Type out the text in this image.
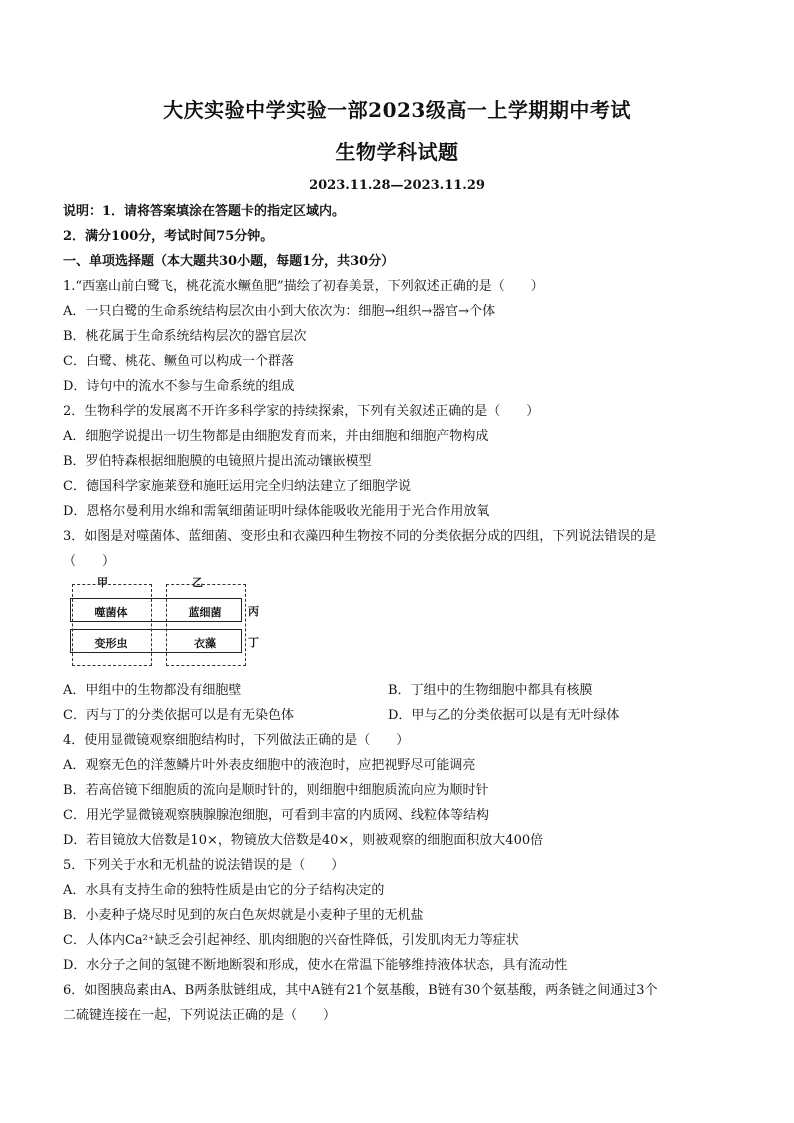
大庆实验中学实验一部2023级高一上学期期中考试
生物学科试题
2023.11.28—2023.11.29
说明：1．请将答案填涂在答题卡的指定区域内。
2．满分100分，考试时间75分钟。
一、单项选择题（本大题共30小题，每题1分，共30分）
1.“西塞山前白鹭飞，桃花流水鳜鱼肥”描绘了初春美景，下列叙述正确的是（　　）
A．一只白鹭的生命系统结构层次由小到大依次为：细胞→组织→器官→个体
B．桃花属于生命系统结构层次的器官层次
C．白鹭、桃花、鳜鱼可以构成一个群落
D．诗句中的流水不参与生命系统的组成
2．生物科学的发展离不开许多科学家的持续探索，下列有关叙述正确的是（　　）
A．细胞学说提出一切生物都是由细胞发育而来，并由细胞和细胞产物构成
B．罗伯特森根据细胞膜的电镜照片提出流动镶嵌模型
C．德国科学家施莱登和施旺运用完全归纳法建立了细胞学说
D．恩格尔曼利用水绵和需氧细菌证明叶绿体能吸收光能用于光合作用放氧
3．如图是对噬菌体、蓝细菌、变形虫和衣藻四种生物按不同的分类依据分成的四组，下列说法错误的是
（　　）
甲	乙
噬菌体	蓝细菌
变形虫	衣藻
丙
丁
A．甲组中的生物都没有细胞壁	B．丁组中的生物细胞中都具有核膜
C．丙与丁的分类依据可以是有无染色体	D．甲与乙的分类依据可以是有无叶绿体
4．使用显微镜观察细胞结构时，下列做法正确的是（　　）
A．观察无色的洋葱鳞片叶外表皮细胞中的液泡时，应把视野尽可能调亮
B．若高倍镜下细胞质的流向是顺时针的，则细胞中细胞质流向应为顺时针
C．用光学显微镜观察胰腺腺泡细胞，可看到丰富的内质网、线粒体等结构
D．若目镜放大倍数是10×，物镜放大倍数是40×，则被观察的细胞面积放大400倍
5．下列关于水和无机盐的说法错误的是（　　）
A．水具有支持生命的独特性质是由它的分子结构决定的
B．小麦种子烧尽时见到的灰白色灰烬就是小麦种子里的无机盐
C．人体内Ca²⁺缺乏会引起神经、肌肉细胞的兴奋性降低，引发肌肉无力等症状
D．水分子之间的氢键不断地断裂和形成，使水在常温下能够维持液体状态，具有流动性
6．如图胰岛素由A、B两条肽链组成，其中A链有21个氨基酸，B链有30个氨基酸，两条链之间通过3个
二硫键连接在一起，下列说法正确的是（　　）
